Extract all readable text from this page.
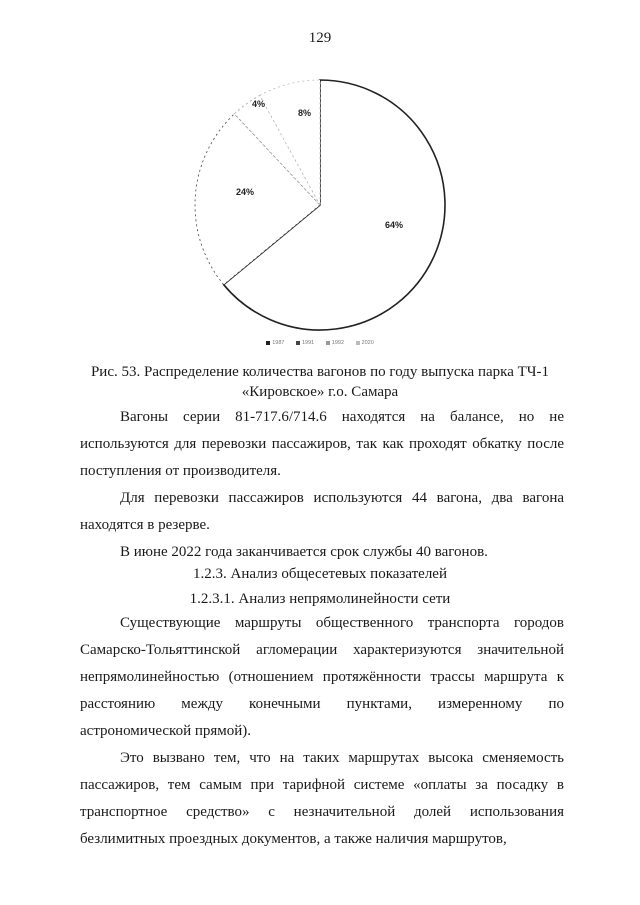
129
64%
24%
4%
8%
1987	1991	1992	2020
Рис. 53. Распределение количества вагонов по году выпуска парка ТЧ-1
«Кировское» г.о. Самара

Вагоны серии 81-717.6/714.6 находятся на балансе, но не используются для перевозки пассажиров, так как проходят обкатку после поступления от производителя.

Для перевозки пассажиров используются 44 вагона, два вагона находятся в резерве.

В июне 2022 года заканчивается срок службы 40 вагонов.

1.2.3. Анализ общесетевых показателей
1.2.3.1. Анализ непрямолинейности сети

Существующие маршруты общественного транспорта городов Самарско-Тольяттинской агломерации характеризуются значительной непрямолинейностью (отношением протяжённости трассы маршрута к расстоянию между конечными пунктами, измеренному по астрономической прямой).

Это вызвано тем, что на таких маршрутах высока сменяемость пассажиров, тем самым при тарифной системе «оплаты за посадку в транспортное средство» с незначительной долей использования безлимитных проездных документов, а также наличия маршрутов,
